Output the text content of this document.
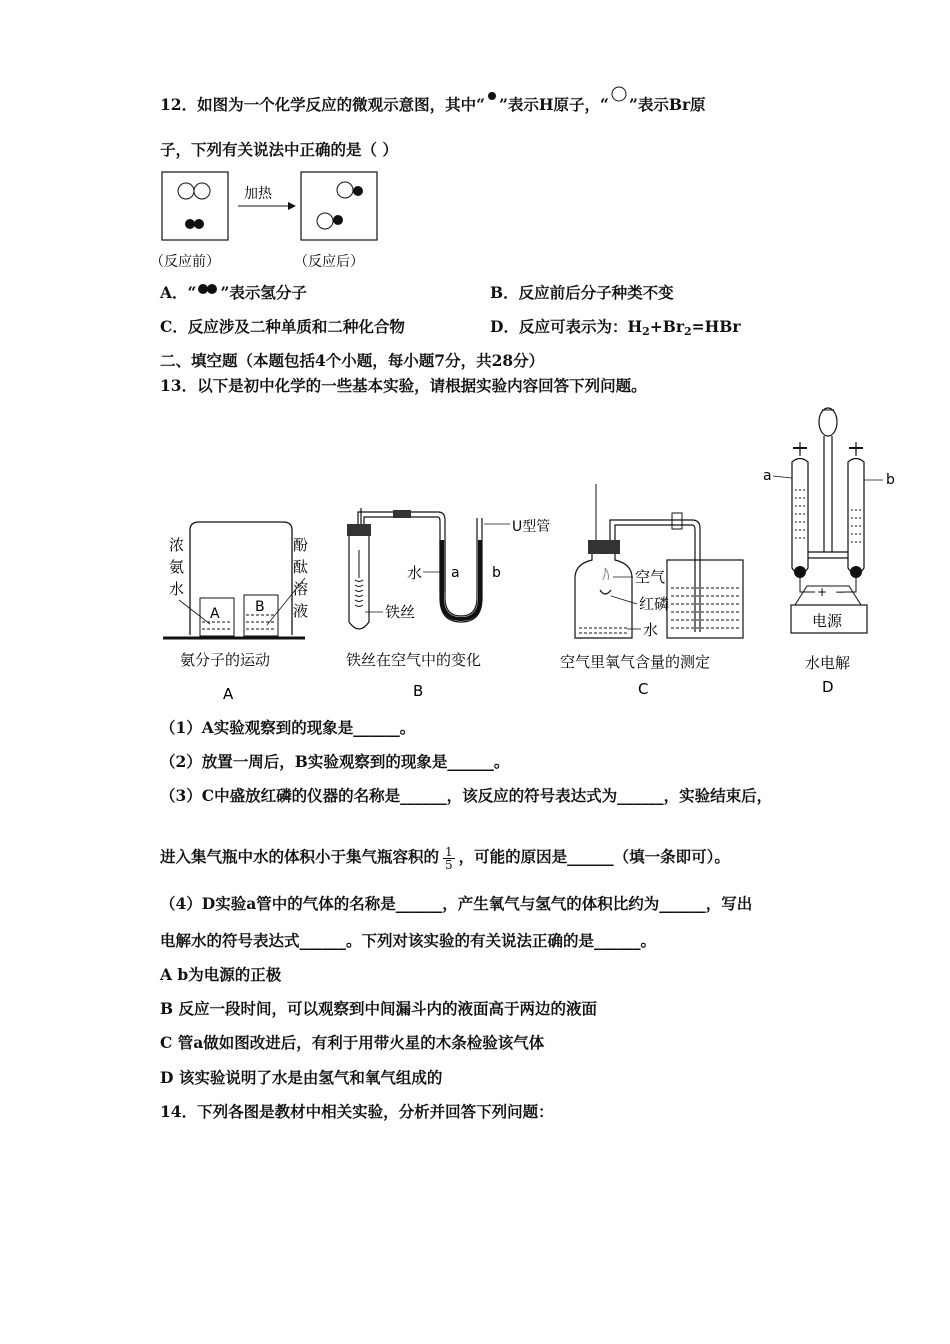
12．如图为一个化学反应的微观示意图，其中“ ”表示H原子，“ ”表示Br原
子，下列有关说法中正确的是（ ）
加热
（反应前）	（反应后）
A．“ ”表示氢分子	B．反应前后分子种类不变
C．反应涉及二种单质和二种化合物	D．反应可表示为：H2+Br2=HBr
二、填空题（本题包括4个小题，每小题7分，共28分）
13．以下是初中化学的一些基本实验，请根据实验内容回答下列问题。
A	B
浓氨水
酚酞溶液
氨分子的运动
A
水 a b
U型管
铁丝
铁丝在空气中的变化
B
空气
红磷
水
空气里氧气含量的测定
C
+ −
电源
a	b
水电解
D
（1）A实验观察到的现象是______。
（2）放置一周后，B实验观察到的现象是______。
（3）C中盛放红磷的仪器的名称是______，该反应的符号表达式为______，实验结束后，
进入集气瓶中水的体积小于集气瓶容积的 $\frac{1}{5}$ ，可能的原因是______（填一条即可）。
（4）D实验a管中的气体的名称是______，产生氧气与氢气的体积比约为______，写出
电解水的符号表达式______。下列对该实验的有关说法正确的是______。
A b为电源的正极
B 反应一段时间，可以观察到中间漏斗内的液面高于两边的液面
C 管a做如图改进后，有利于用带火星的木条检验该气体
D 该实验说明了水是由氢气和氧气组成的
14．下列各图是教材中相关实验，分析并回答下列问题：
